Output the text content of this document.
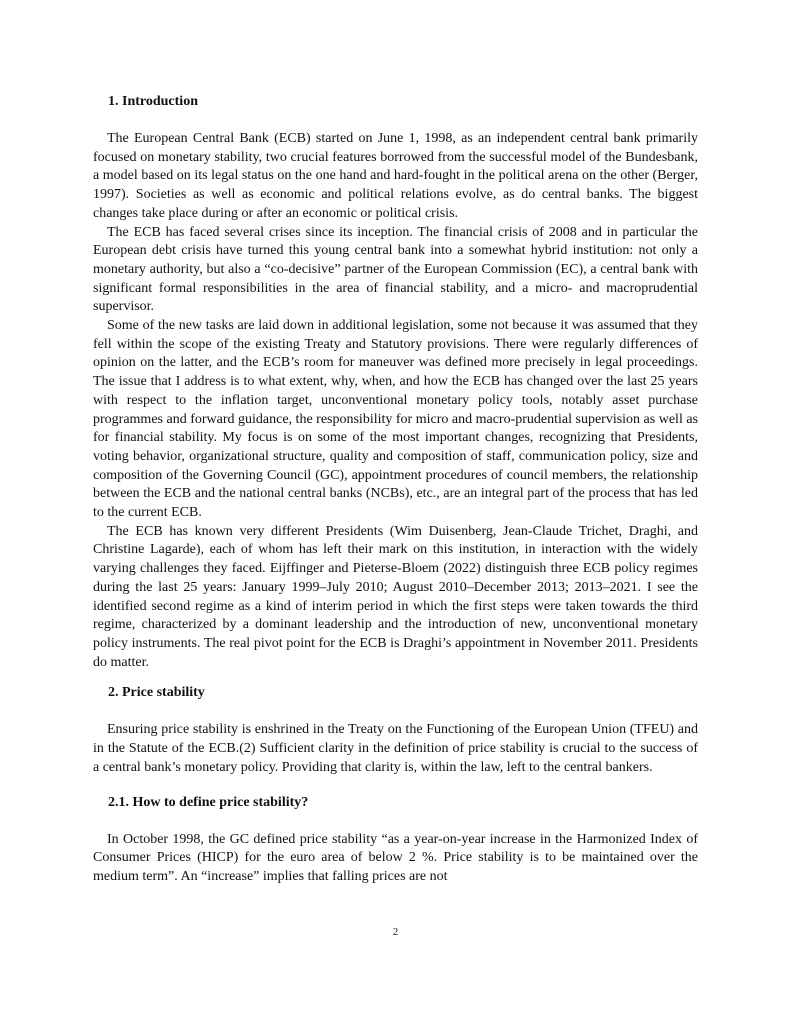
1. Introduction

The European Central Bank (ECB) started on June 1, 1998, as an independent central bank primarily focused on monetary stability, two crucial features borrowed from the successful model of the Bundesbank, a model based on its legal status on the one hand and hard-fought in the political arena on the other (Berger, 1997). Societies as well as economic and political relations evolve, as do central banks. The biggest changes take place during or after an economic or political crisis.

The ECB has faced several crises since its inception. The financial crisis of 2008 and in particular the European debt crisis have turned this young central bank into a somewhat hybrid institution: not only a monetary authority, but also a “co-decisive” partner of the European Commission (EC), a central bank with significant formal responsibilities in the area of financial stability, and a micro- and macroprudential supervisor.

Some of the new tasks are laid down in additional legislation, some not because it was assumed that they fell within the scope of the existing Treaty and Statutory provisions. There were regularly differences of opinion on the latter, and the ECB’s room for maneuver was defined more precisely in legal proceedings. The issue that I address is to what extent, why, when, and how the ECB has changed over the last 25 years with respect to the inflation target, unconventional monetary policy tools, notably asset purchase programmes and forward guidance, the responsibility for micro and macro-prudential supervision as well as for financial stability. My focus is on some of the most important changes, recognizing that Presidents, voting behavior, organizational structure, quality and composition of staff, communication policy, size and composition of the Governing Council (GC), appointment procedures of council members, the relationship between the ECB and the national central banks (NCBs), etc., are an integral part of the process that has led to the current ECB.

The ECB has known very different Presidents (Wim Duisenberg, Jean-Claude Trichet, Draghi, and Christine Lagarde), each of whom has left their mark on this institution, in interaction with the widely varying challenges they faced. Eijffinger and Pieterse-Bloem (2022) distinguish three ECB policy regimes during the last 25 years: January 1999–July 2010; August 2010–December 2013; 2013–2021. I see the identified second regime as a kind of interim period in which the first steps were taken towards the third regime, characterized by a dominant leadership and the introduction of new, unconventional monetary policy instruments. The real pivot point for the ECB is Draghi’s appointment in November 2011. Presidents do matter.

2. Price stability

Ensuring price stability is enshrined in the Treaty on the Functioning of the European Union (TFEU) and in the Statute of the ECB.(2) Sufficient clarity in the definition of price stability is crucial to the success of a central bank’s monetary policy. Providing that clarity is, within the law, left to the central bankers.

2.1. How to define price stability?

In October 1998, the GC defined price stability “as a year-on-year increase in the Harmonized Index of Consumer Prices (HICP) for the euro area of below 2 %. Price stability is to be maintained over the medium term”. An “increase” implies that falling prices are not

2
